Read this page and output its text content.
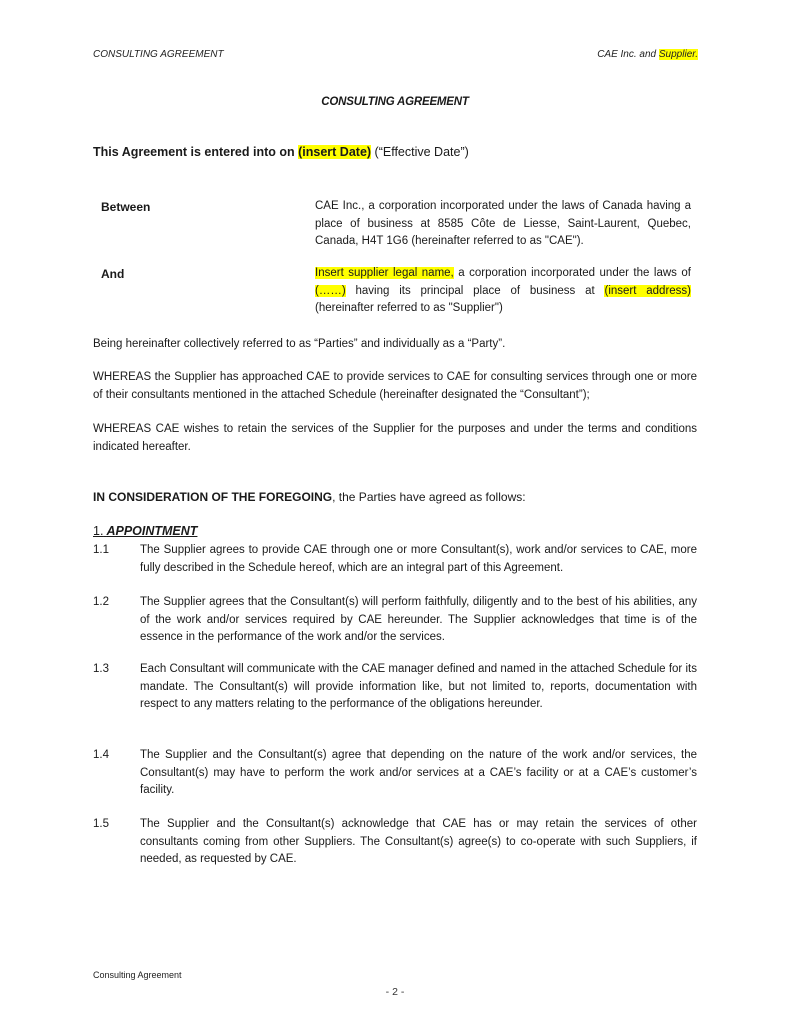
CONSULTING AGREEMENT	CAE Inc. and Supplier.
CONSULTING AGREEMENT
This Agreement is entered into on (insert Date) (“Effective Date”)
Between	CAE Inc., a corporation incorporated under the laws of Canada having a place of business at 8585 Côte de Liesse, Saint-Laurent, Quebec, Canada, H4T 1G6 (hereinafter referred to as "CAE").
And	Insert supplier legal name, a corporation incorporated under the laws of (……) having its principal place of business at (insert address) (hereinafter referred to as "Supplier")
Being hereinafter collectively referred to as “Parties” and individually as a “Party”.
WHEREAS the Supplier has approached CAE to provide services to CAE for consulting services through one or more of their consultants mentioned in the attached Schedule (hereinafter designated the “Consultant”);
WHEREAS CAE wishes to retain the services of the Supplier for the purposes and under the terms and conditions indicated hereafter.
IN CONSIDERATION OF THE FOREGOING, the Parties have agreed as follows:
1. APPOINTMENT
1.1	The Supplier agrees to provide CAE through one or more Consultant(s), work and/or services to CAE, more fully described in the Schedule hereof, which are an integral part of this Agreement.
1.2	The Supplier agrees that the Consultant(s) will perform faithfully, diligently and to the best of his abilities, any of the work and/or services required by CAE hereunder. The Supplier acknowledges that time is of the essence in the performance of the work and/or the services.
1.3	Each Consultant will communicate with the CAE manager defined and named in the attached Schedule for its mandate. The Consultant(s) will provide information like, but not limited to, reports, documentation with respect to any matters relating to the performance of the obligations hereunder.
1.4	The Supplier and the Consultant(s) agree that depending on the nature of the work and/or services, the Consultant(s) may have to perform the work and/or services at a CAE’s facility or at a CAE’s customer’s facility.
1.5	The Supplier and the Consultant(s) acknowledge that CAE has or may retain the services of other consultants coming from other Suppliers. The Consultant(s) agree(s) to co-operate with such Suppliers, if needed, as requested by CAE.
Consulting Agreement
- 2 -
